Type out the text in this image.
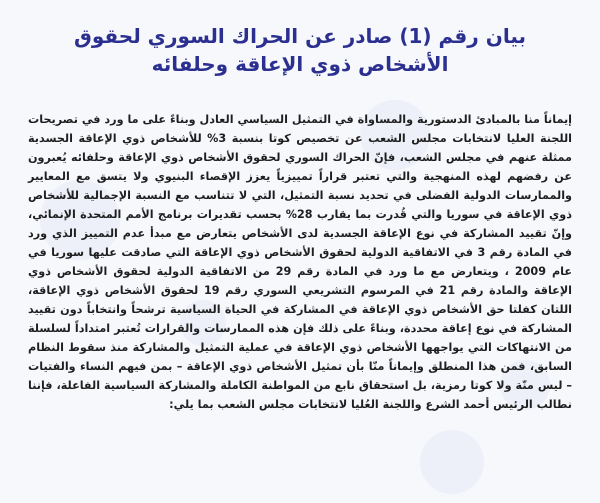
بيان رقم (1) صادر عن الحراك السوري لحقوق الأشخاص ذوي الإعاقة وحلفائه

إيماناً منا بالمبادئ الدستورية والمساواة في التمثيل السياسي العادل وبناءً على ما ورد في تصريحات اللجنة العليا لانتخابات مجلس الشعب عن تخصيص كوتا بنسبة 3% للأشخاص ذوي الإعاقة الجسدية ممثلة عنهم في مجلس الشعب، فإنّ الحراك السوري لحقوق الأشخاص ذوي الإعاقة وحلفائه يُعبرون عن رفضهم لهذه المنهجية والتي تعتبر قراراً تمييزياً يعزز الإقصاء البنيوي ولا يتسق مع المعايير والممارسات الدولية الفضلى في تحديد نسبة التمثيل، التي لا تتناسب مع النسبة الإجمالية للأشخاص ذوي الإعاقة في سوريا والتي قُدرت بما يقارب 28% بحسب تقديرات برنامج الأمم المتحدة الإنمائي، وإنّ تقييد المشاركة في نوع الإعاقة الجسدية لدى الأشخاص يتعارض مع مبدأ عدم التمييز الذي ورد في المادة رقم 3 في الاتفاقية الدولية لحقوق الأشخاص ذوي الإعاقة التي صادقت عليها سوريا في عام 2009 ، ويتعارض مع ما ورد في المادة رقم 29 من الاتفاقية الدولية لحقوق الأشخاص ذوي الإعاقة والمادة رقم 21 في المرسوم التشريعي السوري رقم 19 لحقوق الأشخاص ذوي الإعاقة، اللتان كفلتا حق الأشخاص ذوي الإعاقة في المشاركة في الحياة السياسية ترشحاً وانتخاباً دون تقييد المشاركة في نوع إعاقة محددة، وبناءً على ذلك فإن هذه الممارسات والقرارات تُعتبر امتداداً لسلسلة من الانتهاكات التي يواجهها الأشخاص ذوي الإعاقة في عملية التمثيل والمشاركة منذ سقوط النظام السابق، فمن هذا المنطلق وإيماناً منّا بأن تمثيل الأشخاص ذوي الإعاقة – بمن فيهم النساء والفتيات – ليس منّة ولا كوتا رمزية، بل استحقاق نابع من المواطنة الكاملة والمشاركة السياسية الفاعلة، فإننا نطالب الرئيس أحمد الشرع واللجنة العُليا لانتخابات مجلس الشعب بما يلي:
